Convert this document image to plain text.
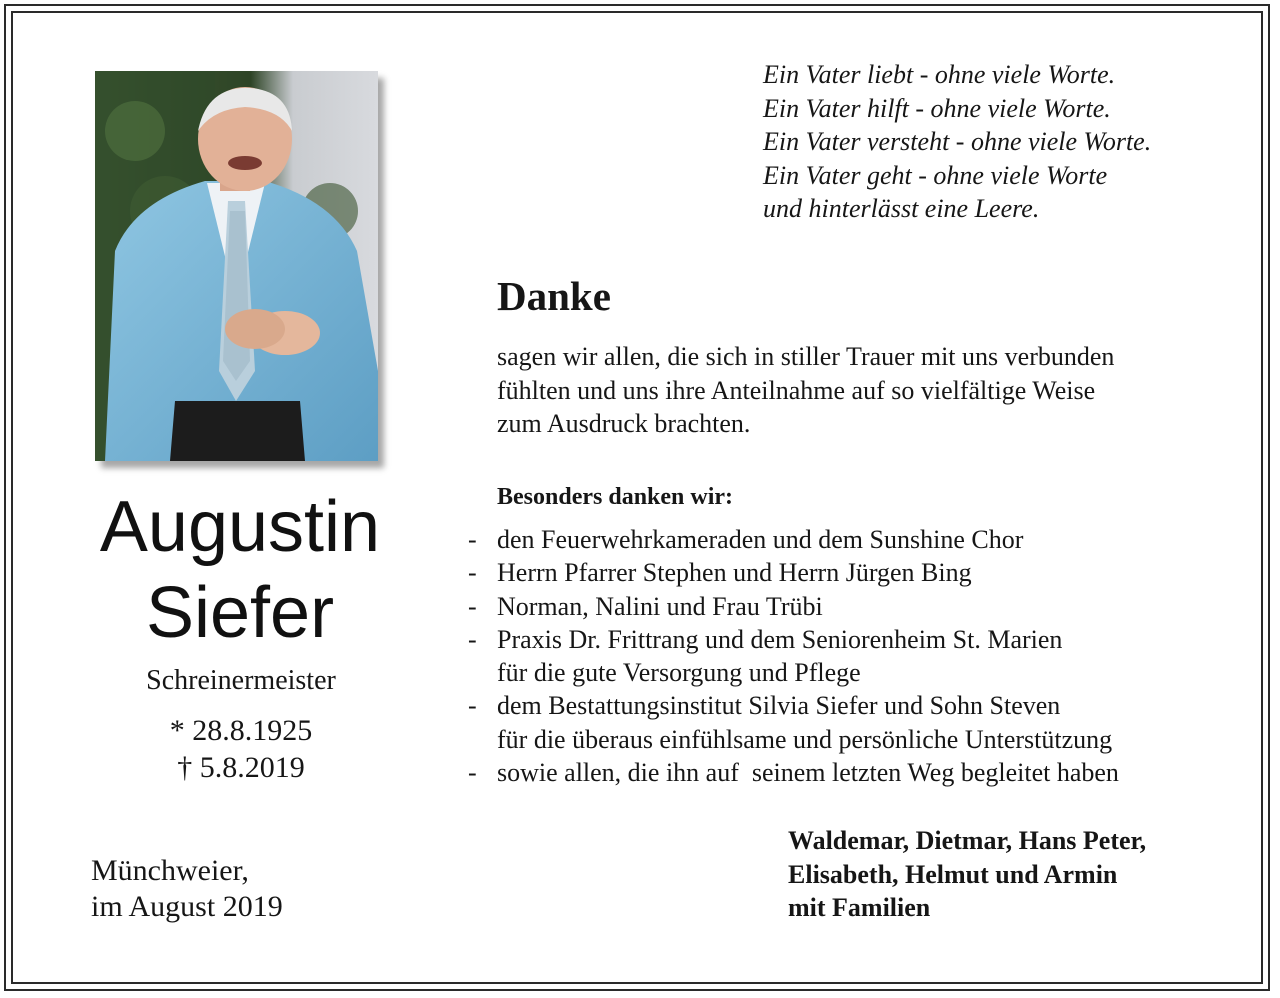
Augustin
Siefer
Schreinermeister
* 28.8.1925
† 5.8.2019
Münchweier,
im August 2019
Ein Vater liebt - ohne viele Worte.
Ein Vater hilft - ohne viele Worte.
Ein Vater versteht - ohne viele Worte.
Ein Vater geht - ohne viele Worte
und hinterlässt eine Leere.
Danke
sagen wir allen, die sich in stiller Trauer mit uns verbunden
fühlten und uns ihre Anteilnahme auf so vielfältige Weise
zum Ausdruck brachten.
Besonders danken wir:
- den Feuerwehrkameraden und dem Sunshine Chor
- Herrn Pfarrer Stephen und Herrn Jürgen Bing
- Norman, Nalini und Frau Trübi
- Praxis Dr. Frittrang und dem Seniorenheim St. Marien
für die gute Versorgung und Pflege
- dem Bestattungsinstitut Silvia Siefer und Sohn Steven
für die überaus einfühlsame und persönliche Unterstützung
- sowie allen, die ihn auf  seinem letzten Weg begleitet haben
Waldemar, Dietmar, Hans Peter,
Elisabeth, Helmut und Armin
mit Familien
